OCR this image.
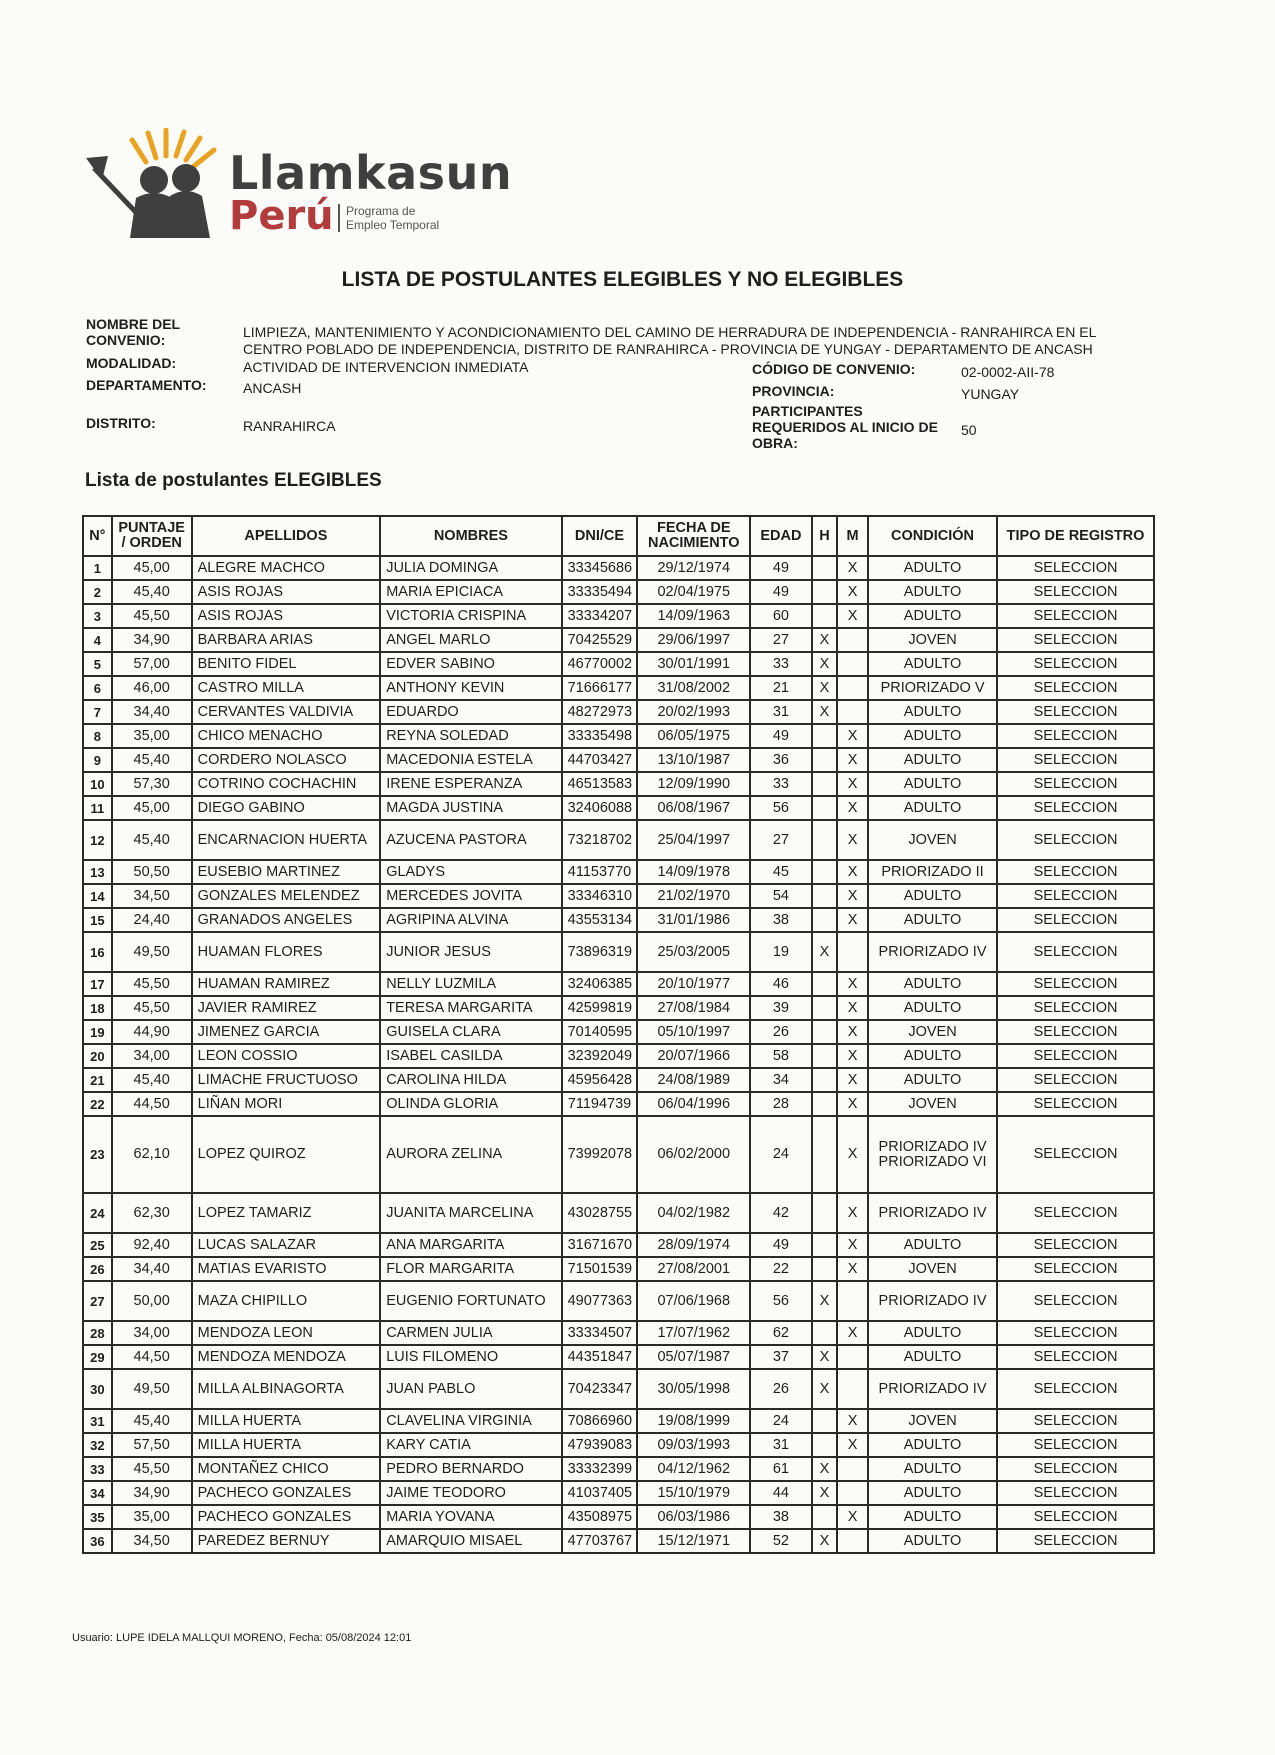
Llamkasun
Perú	Programa de Empleo Temporal
LISTA DE POSTULANTES ELEGIBLES Y NO ELEGIBLES
NOMBRE DEL CONVENIO:	LIMPIEZA, MANTENIMIENTO Y ACONDICIONAMIENTO DEL CAMINO DE HERRADURA DE INDEPENDENCIA - RANRAHIRCA EN EL
CENTRO POBLADO DE INDEPENDENCIA, DISTRITO DE RANRAHIRCA - PROVINCIA DE YUNGAY - DEPARTAMENTO DE ANCASH
MODALIDAD:	ACTIVIDAD DE INTERVENCION INMEDIATA	CÓDIGO DE CONVENIO:	02-0002-AII-78
DEPARTAMENTO:	ANCASH	PROVINCIA:	YUNGAY
DISTRITO:	RANRAHIRCA
PARTICIPANTES REQUERIDOS AL INICIO DE OBRA:
50
Lista de postulantes ELEGIBLES
N°	PUNTAJE / ORDEN	APELLIDOS	NOMBRES	DNI/CE	FECHA DE NACIMIENTO	EDAD	H	M	CONDICIÓN	TIPO DE REGISTRO
1	45,00	ALEGRE MACHCO	JULIA DOMINGA	33345686	29/12/1974	49		X	ADULTO	SELECCION
2	45,40	ASIS ROJAS	MARIA EPICIACA	33335494	02/04/1975	49		X	ADULTO	SELECCION
3	45,50	ASIS ROJAS	VICTORIA CRISPINA	33334207	14/09/1963	60		X	ADULTO	SELECCION
4	34,90	BARBARA ARIAS	ANGEL MARLO	70425529	29/06/1997	27	X		JOVEN	SELECCION
5	57,00	BENITO FIDEL	EDVER SABINO	46770002	30/01/1991	33	X		ADULTO	SELECCION
6	46,00	CASTRO MILLA	ANTHONY KEVIN	71666177	31/08/2002	21	X		PRIORIZADO V	SELECCION
7	34,40	CERVANTES VALDIVIA	EDUARDO	48272973	20/02/1993	31	X		ADULTO	SELECCION
8	35,00	CHICO MENACHO	REYNA SOLEDAD	33335498	06/05/1975	49		X	ADULTO	SELECCION
9	45,40	CORDERO NOLASCO	MACEDONIA ESTELA	44703427	13/10/1987	36		X	ADULTO	SELECCION
10	57,30	COTRINO COCHACHIN	IRENE ESPERANZA	46513583	12/09/1990	33		X	ADULTO	SELECCION
11	45,00	DIEGO GABINO	MAGDA JUSTINA	32406088	06/08/1967	56		X	ADULTO	SELECCION
12	45,40	ENCARNACION HUERTA	AZUCENA PASTORA	73218702	25/04/1997	27		X	JOVEN	SELECCION
13	50,50	EUSEBIO MARTINEZ	GLADYS	41153770	14/09/1978	45		X	PRIORIZADO II	SELECCION
14	34,50	GONZALES MELENDEZ	MERCEDES JOVITA	33346310	21/02/1970	54		X	ADULTO	SELECCION
15	24,40	GRANADOS ANGELES	AGRIPINA ALVINA	43553134	31/01/1986	38		X	ADULTO	SELECCION
16	49,50	HUAMAN FLORES	JUNIOR JESUS	73896319	25/03/2005	19	X		PRIORIZADO IV	SELECCION
17	45,50	HUAMAN RAMIREZ	NELLY LUZMILA	32406385	20/10/1977	46		X	ADULTO	SELECCION
18	45,50	JAVIER RAMIREZ	TERESA MARGARITA	42599819	27/08/1984	39		X	ADULTO	SELECCION
19	44,90	JIMENEZ GARCIA	GUISELA CLARA	70140595	05/10/1997	26		X	JOVEN	SELECCION
20	34,00	LEON COSSIO	ISABEL CASILDA	32392049	20/07/1966	58		X	ADULTO	SELECCION
21	45,40	LIMACHE FRUCTUOSO	CAROLINA HILDA	45956428	24/08/1989	34		X	ADULTO	SELECCION
22	44,50	LIÑAN MORI	OLINDA GLORIA	71194739	06/04/1996	28		X	JOVEN	SELECCION
23	62,10	LOPEZ QUIROZ	AURORA ZELINA	73992078	06/02/2000	24		X	PRIORIZADO IV PRIORIZADO VI	SELECCION
24	62,30	LOPEZ TAMARIZ	JUANITA MARCELINA	43028755	04/02/1982	42		X	PRIORIZADO IV	SELECCION
25	92,40	LUCAS SALAZAR	ANA MARGARITA	31671670	28/09/1974	49		X	ADULTO	SELECCION
26	34,40	MATIAS EVARISTO	FLOR MARGARITA	71501539	27/08/2001	22		X	JOVEN	SELECCION
27	50,00	MAZA CHIPILLO	EUGENIO FORTUNATO	49077363	07/06/1968	56	X		PRIORIZADO IV	SELECCION
28	34,00	MENDOZA LEON	CARMEN JULIA	33334507	17/07/1962	62		X	ADULTO	SELECCION
29	44,50	MENDOZA MENDOZA	LUIS FILOMENO	44351847	05/07/1987	37	X		ADULTO	SELECCION
30	49,50	MILLA ALBINAGORTA	JUAN PABLO	70423347	30/05/1998	26	X		PRIORIZADO IV	SELECCION
31	45,40	MILLA HUERTA	CLAVELINA VIRGINIA	70866960	19/08/1999	24		X	JOVEN	SELECCION
32	57,50	MILLA HUERTA	KARY CATIA	47939083	09/03/1993	31		X	ADULTO	SELECCION
33	45,50	MONTAÑEZ CHICO	PEDRO BERNARDO	33332399	04/12/1962	61	X		ADULTO	SELECCION
34	34,90	PACHECO GONZALES	JAIME TEODORO	41037405	15/10/1979	44	X		ADULTO	SELECCION
35	35,00	PACHECO GONZALES	MARIA YOVANA	43508975	06/03/1986	38		X	ADULTO	SELECCION
36	34,50	PAREDEZ BERNUY	AMARQUIO MISAEL	47703767	15/12/1971	52	X		ADULTO	SELECCION
Usuario: LUPE IDELA MALLQUI MORENO, Fecha: 05/08/2024 12:01
